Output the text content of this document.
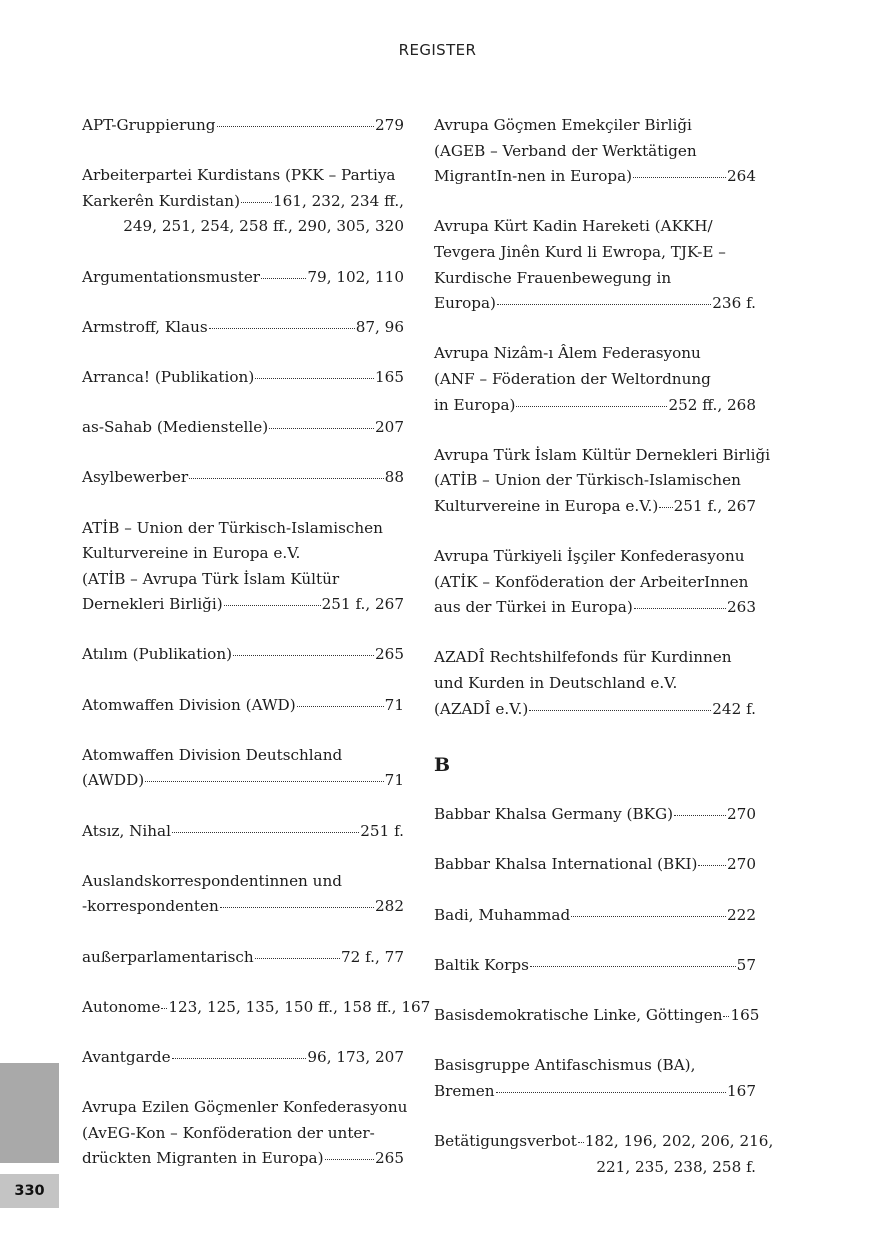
REGISTER
APT-Gruppierung	279
Arbeiterpartei Kurdistans (PKK – Partiya
Karkerên Kurdistan) 161, 232, 234 ff.,
249, 251, 254, 258 ff., 290, 305, 320
Argumentationsmuster	79, 102, 110
Armstroff, Klaus	87, 96
Arranca! (Publikation)	165
as-Sahab (Medienstelle)	207
Asylbewerber	88
ATİB – Union der Türkisch-Islamischen
Kulturvereine in Europa e.V.
(ATİB – Avrupa Türk İslam Kültür
Dernekleri Birliği)	251 f., 267
Atılım (Publikation)	265
Atomwaffen Division (AWD)	71
Atomwaffen Division Deutschland
(AWDD)	71
Atsız, Nihal	251 f.
Auslandskorrespondentinnen und
-korrespondenten	282
außerparlamentarisch	72 f., 77
Autonome 123, 125, 135, 150 ff., 158 ff., 167
Avantgarde	96, 173, 207
Avrupa Ezilen Göçmenler Konfederasyonu
(AvEG-Kon – Konföderation der unter-
drückten Migranten in Europa)	265
Avrupa Göçmen Emekçiler Birliği
(AGEB – Verband der Werktätigen
MigrantIn-nen in Europa)	264
Avrupa Kürt Kadin Hareketi (AKKH/
Tevgera Jinên Kurd li Ewropa, TJK-E –
Kurdische Frauenbewegung in
Europa)	236 f.
Avrupa Nizâm-ı Âlem Federasyonu
(ANF – Föderation der Weltordnung
in Europa)	252 ff., 268
Avrupa Türk İslam Kültür Dernekleri Birliği
(ATİB – Union der Türkisch-Islamischen
Kulturvereine in Europa e.V.) 251 f., 267
Avrupa Türkiyeli İşçiler Konfederasyonu
(ATİK – Konföderation der ArbeiterInnen
aus der Türkei in Europa)	263
AZADÎ Rechtshilfefonds für Kurdinnen
und Kurden in Deutschland e.V.
(AZADÎ e.V.)	242 f.
B
Babbar Khalsa Germany (BKG)	270
Babbar Khalsa International (BKI) 270
Badi, Muhammad	222
Baltik Korps	57
Basisdemokratische Linke, Göttingen 165
Basisgruppe Antifaschismus (BA),
Bremen	167
Betätigungsverbot 182, 196, 202, 206, 216,
221, 235, 238, 258 f.
330
